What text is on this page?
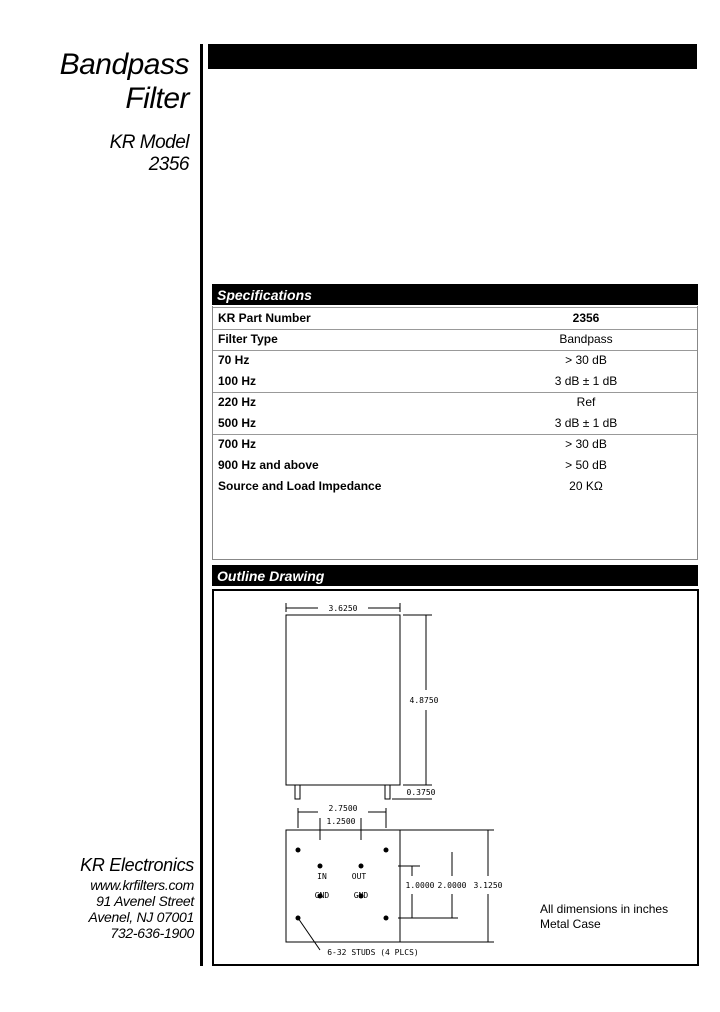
Bandpass
Filter
KR Model
2356
Specifications
KR Part Number	2356
Filter Type	Bandpass
70 Hz	> 30 dB
100 Hz	3 dB ± 1 dB
220 Hz	Ref
500 Hz	3 dB ± 1 dB
700 Hz	> 30 dB
900 Hz and above	> 50 dB
Source and Load Impedance	20 KΩ
Outline Drawing
3.6250
4.8750
0.3750
2.7500
1.2500
1.0000 2.0000 3.1250
IN	OUT
GND	GND
6-32 STUDS (4 PLCS)
All dimensions in inches
Metal Case
KR Electronics
www.krfilters.com
91 Avenel Street
Avenel, NJ 07001
732-636-1900
